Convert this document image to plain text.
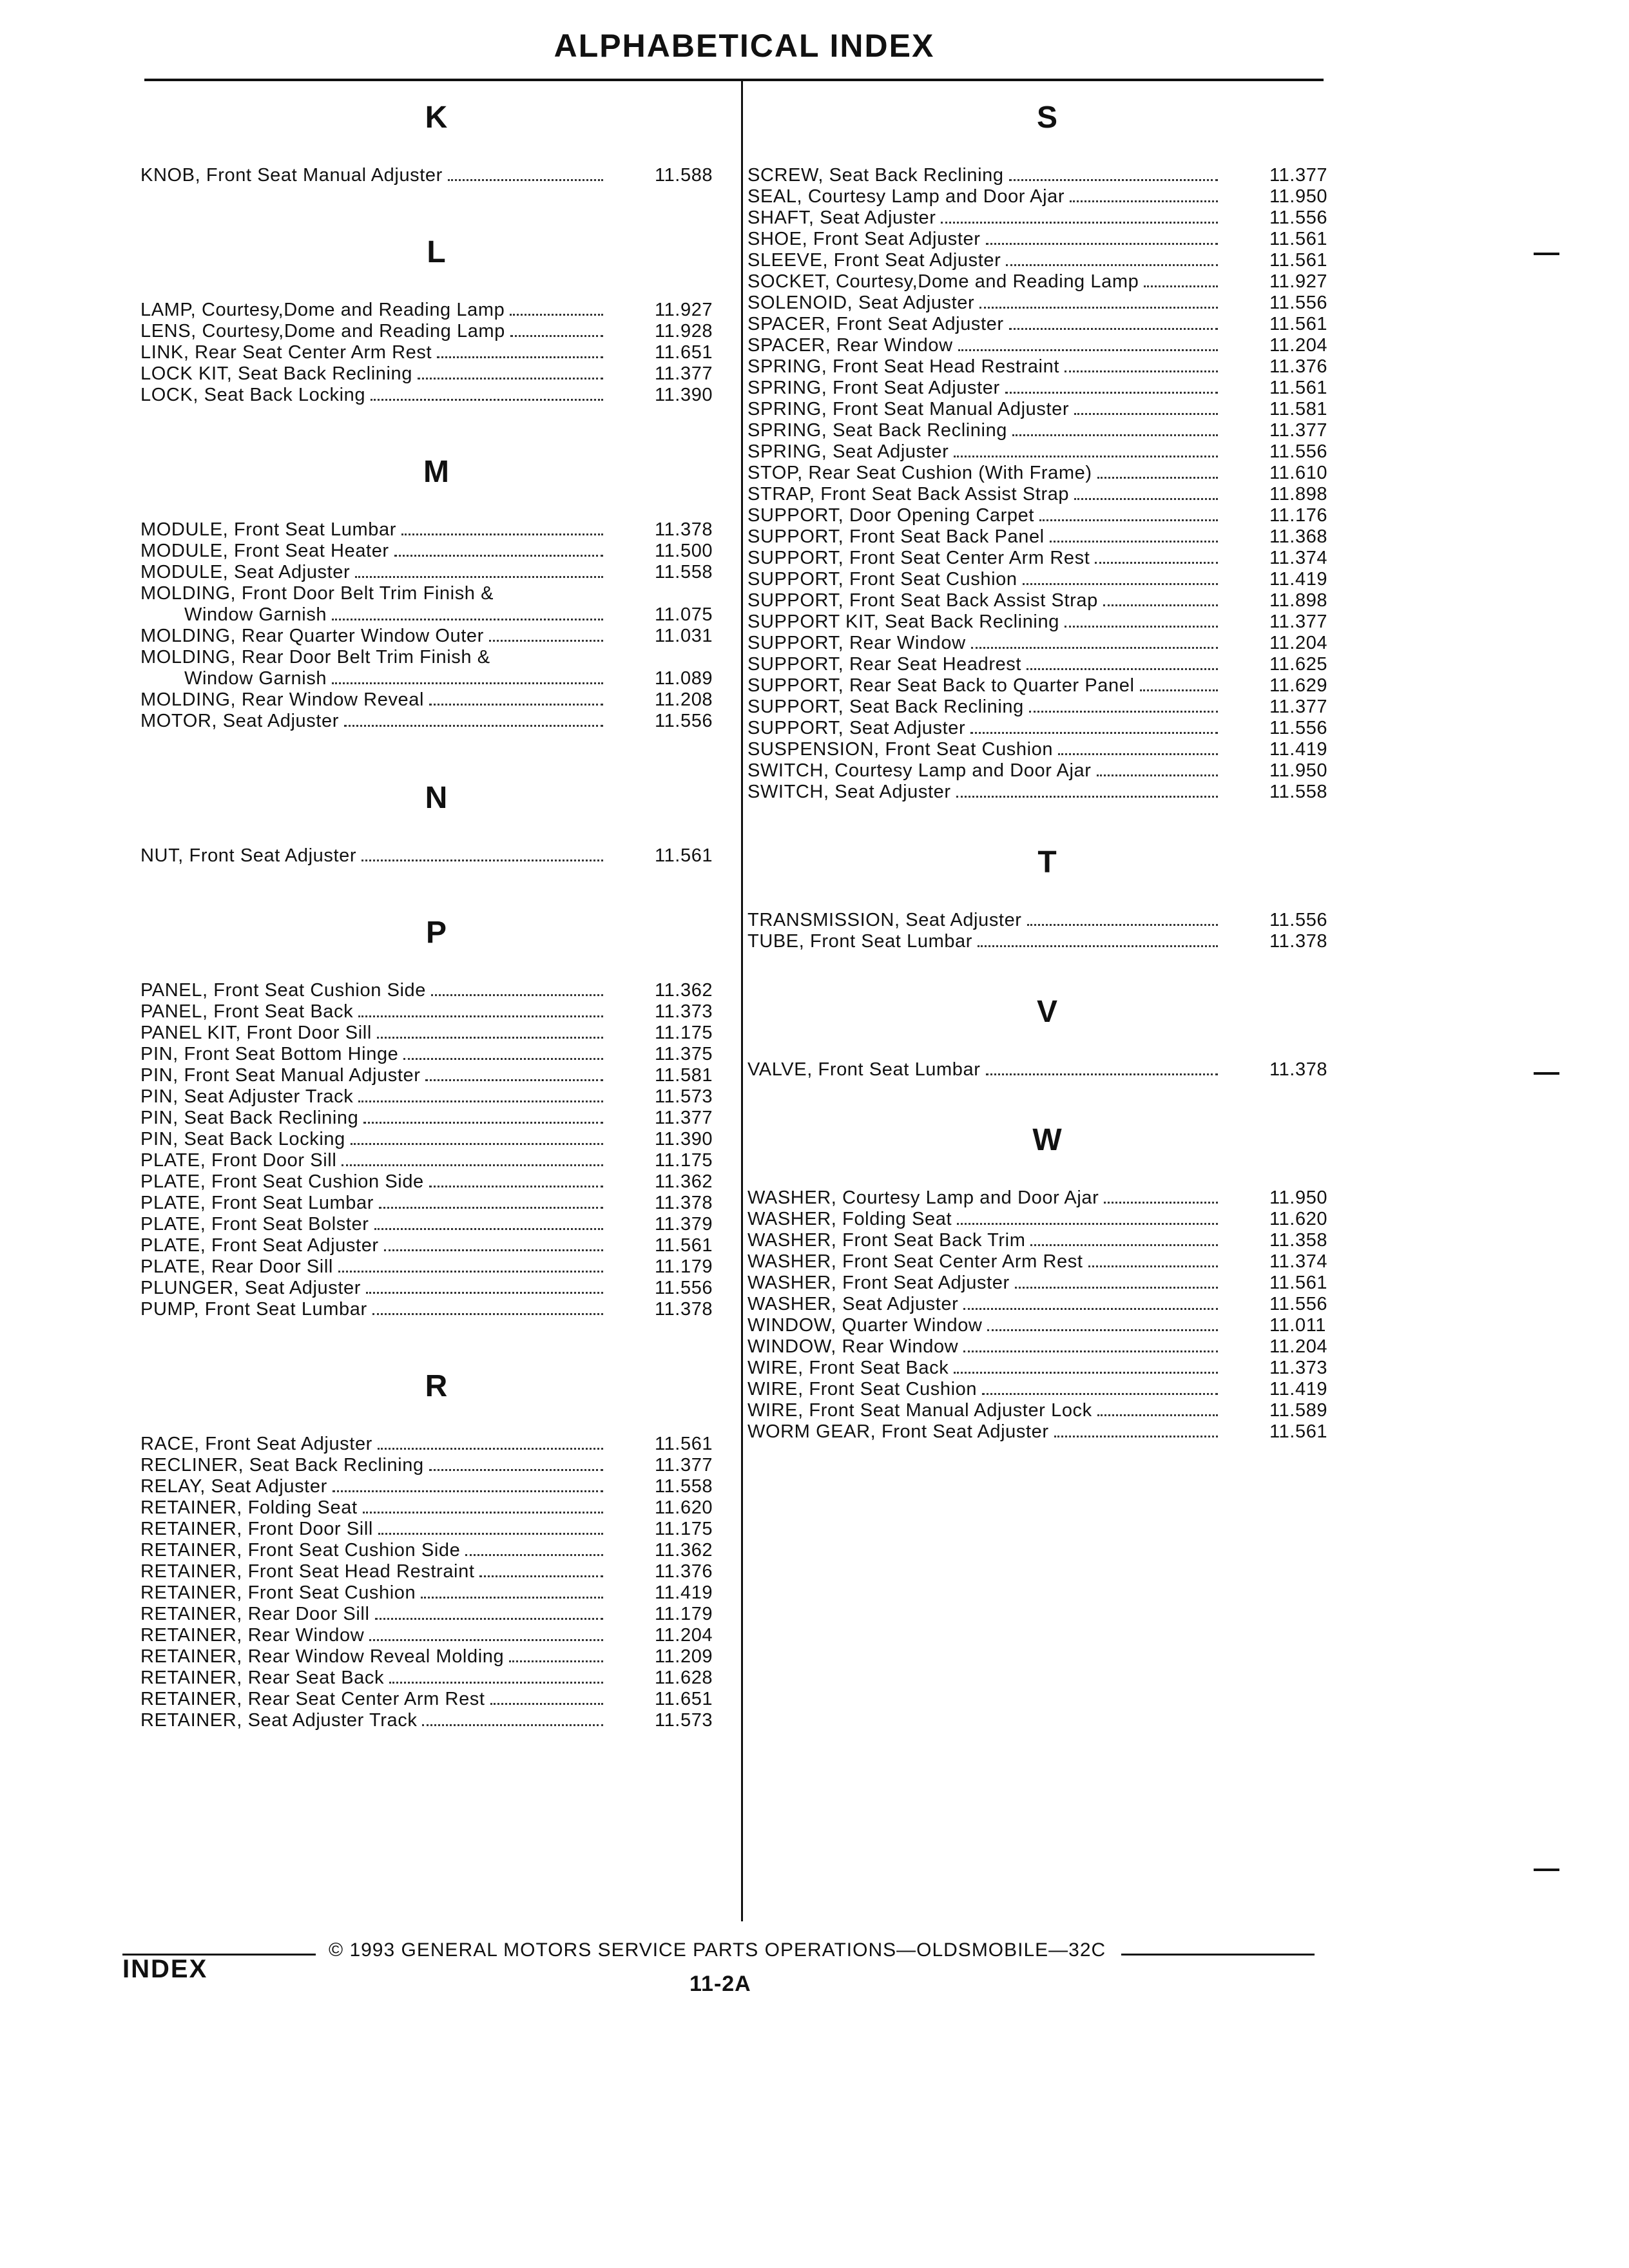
ALPHABETICAL INDEX
K
KNOB, Front Seat Manual Adjuster	11.588
L
LAMP, Courtesy,Dome and Reading Lamp	11.927
LENS, Courtesy,Dome and Reading Lamp	11.928
LINK, Rear Seat Center Arm Rest	11.651
LOCK KIT, Seat Back Reclining	11.377
LOCK, Seat Back Locking	11.390
M
MODULE, Front Seat Lumbar	11.378
MODULE, Front Seat Heater	11.500
MODULE, Seat Adjuster	11.558
MOLDING, Front Door Belt Trim Finish &
Window Garnish	11.075
MOLDING, Rear Quarter Window Outer	11.031
MOLDING, Rear Door Belt Trim Finish &
Window Garnish	11.089
MOLDING, Rear Window Reveal	11.208
MOTOR, Seat Adjuster	11.556
N
NUT, Front Seat Adjuster	11.561
P
PANEL, Front Seat Cushion Side	11.362
PANEL, Front Seat Back	11.373
PANEL KIT, Front Door Sill	11.175
PIN, Front Seat Bottom Hinge	11.375
PIN, Front Seat Manual Adjuster	11.581
PIN, Seat Adjuster Track	11.573
PIN, Seat Back Reclining	11.377
PIN, Seat Back Locking	11.390
PLATE, Front Door Sill	11.175
PLATE, Front Seat Cushion Side	11.362
PLATE, Front Seat Lumbar	11.378
PLATE, Front Seat Bolster	11.379
PLATE, Front Seat Adjuster	11.561
PLATE, Rear Door Sill	11.179
PLUNGER, Seat Adjuster	11.556
PUMP, Front Seat Lumbar	11.378
R
RACE, Front Seat Adjuster	11.561
RECLINER, Seat Back Reclining	11.377
RELAY, Seat Adjuster	11.558
RETAINER, Folding Seat	11.620
RETAINER, Front Door Sill	11.175
RETAINER, Front Seat Cushion Side	11.362
RETAINER, Front Seat Head Restraint	11.376
RETAINER, Front Seat Cushion	11.419
RETAINER, Rear Door Sill	11.179
RETAINER, Rear Window	11.204
RETAINER, Rear Window Reveal Molding	11.209
RETAINER, Rear Seat Back	11.628
RETAINER, Rear Seat Center Arm Rest	11.651
RETAINER, Seat Adjuster Track	11.573
S
SCREW, Seat Back Reclining	11.377
SEAL, Courtesy Lamp and Door Ajar	11.950
SHAFT, Seat Adjuster	11.556
SHOE, Front Seat Adjuster	11.561
SLEEVE, Front Seat Adjuster	11.561
SOCKET, Courtesy,Dome and Reading Lamp	11.927
SOLENOID, Seat Adjuster	11.556
SPACER, Front Seat Adjuster	11.561
SPACER, Rear Window	11.204
SPRING, Front Seat Head Restraint	11.376
SPRING, Front Seat Adjuster	11.561
SPRING, Front Seat Manual Adjuster	11.581
SPRING, Seat Back Reclining	11.377
SPRING, Seat Adjuster	11.556
STOP, Rear Seat Cushion (With Frame)	11.610
STRAP, Front Seat Back Assist Strap	11.898
SUPPORT, Door Opening Carpet	11.176
SUPPORT, Front Seat Back Panel	11.368
SUPPORT, Front Seat Center Arm Rest	11.374
SUPPORT, Front Seat Cushion	11.419
SUPPORT, Front Seat Back Assist Strap	11.898
SUPPORT KIT, Seat Back Reclining	11.377
SUPPORT, Rear Window	11.204
SUPPORT, Rear Seat Headrest	11.625
SUPPORT, Rear Seat Back to Quarter Panel	11.629
SUPPORT, Seat Back Reclining	11.377
SUPPORT, Seat Adjuster	11.556
SUSPENSION, Front Seat Cushion	11.419
SWITCH, Courtesy Lamp and Door Ajar	11.950
SWITCH, Seat Adjuster	11.558
T
TRANSMISSION, Seat Adjuster	11.556
TUBE, Front Seat Lumbar	11.378
V
VALVE, Front Seat Lumbar	11.378
W
WASHER, Courtesy Lamp and Door Ajar	11.950
WASHER, Folding Seat	11.620
WASHER, Front Seat Back Trim	11.358
WASHER, Front Seat Center Arm Rest	11.374
WASHER, Front Seat Adjuster	11.561
WASHER, Seat Adjuster	11.556
WINDOW, Quarter Window	11.011
WINDOW, Rear Window	11.204
WIRE, Front Seat Back	11.373
WIRE, Front Seat Cushion	11.419
WIRE, Front Seat Manual Adjuster Lock	11.589
WORM GEAR, Front Seat Adjuster	11.561
© 1993 GENERAL MOTORS SERVICE PARTS OPERATIONS—OLDSMOBILE—32C
INDEX
11-2A
